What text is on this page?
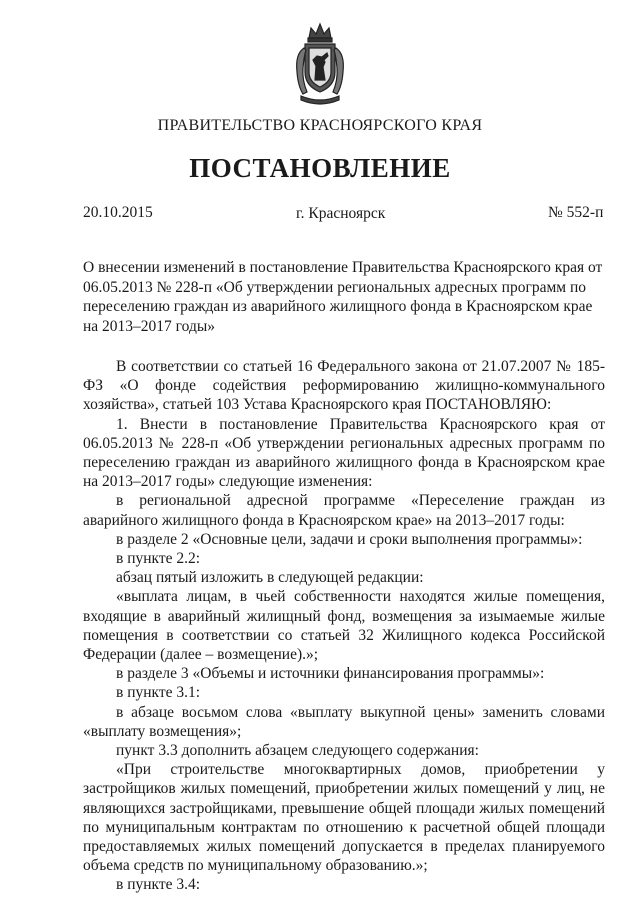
ПРАВИТЕЛЬСТВО КРАСНОЯРСКОГО КРАЯ
ПОСТАНОВЛЕНИЕ
20.10.2015	г. Красноярск	№ 552-п
О внесении изменений в постановление Правительства Красноярского края от 06.05.2013 № 228-п «Об утверждении региональных адресных программ по переселению граждан из аварийного жилищного фонда в Красноярском крае на 2013–2017 годы»

В соответствии со статьей 16 Федерального закона от 21.07.2007 № 185-ФЗ «О фонде содействия реформированию жилищно-коммунального хозяйства», статьей 103 Устава Красноярского края ПОСТАНОВЛЯЮ:

1. Внести в постановление Правительства Красноярского края от 06.05.2013 № 228-п «Об утверждении региональных адресных программ по переселению граждан из аварийного жилищного фонда в Красноярском крае на 2013–2017 годы» следующие изменения:

в региональной адресной программе «Переселение граждан из аварийного жилищного фонда в Красноярском крае» на 2013–2017 годы:

в разделе 2 «Основные цели, задачи и сроки выполнения программы»:

в пункте 2.2:

абзац пятый изложить в следующей редакции:

«выплата лицам, в чьей собственности находятся жилые помещения, входящие в аварийный жилищный фонд, возмещения за изымаемые жилые помещения в соответствии со статьей 32 Жилищного кодекса Российской Федерации (далее – возмещение).»;

в разделе 3 «Объемы и источники финансирования программы»:

в пункте 3.1:

в абзаце восьмом слова «выплату выкупной цены» заменить словами «выплату возмещения»;

пункт 3.3 дополнить абзацем следующего содержания:

«При строительстве многоквартирных домов, приобретении у застройщиков жилых помещений, приобретении жилых помещений у лиц, не являющихся застройщиками, превышение общей площади жилых помещений по муниципальным контрактам по отношению к расчетной общей площади предоставляемых жилых помещений допускается в пределах планируемого объема средств по муниципальному образованию.»;

в пункте 3.4:
